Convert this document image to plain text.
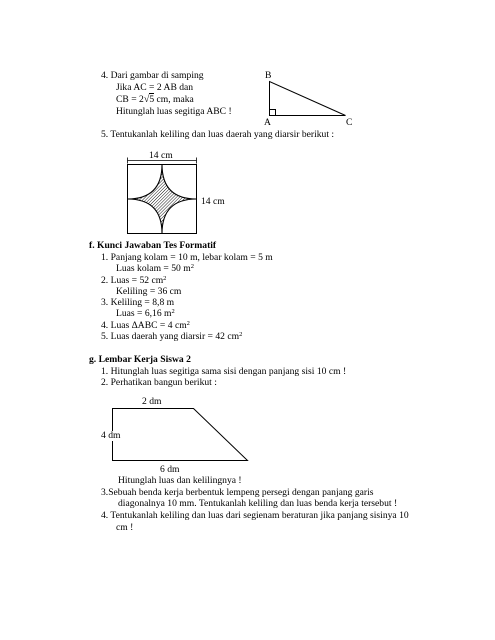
4. Dari gambar di samping
Jika AC = 2 AB dan
CB = 2√5 cm, maka
Hitunglah luas segitiga ABC !
B
A	C
5. Tentukanlah keliling dan luas daerah yang diarsir berikut :
14 cm
14 cm
f. Kunci Jawaban Tes Formatif
1. Panjang kolam = 10 m, lebar kolam = 5 m
Luas kolam = 50 $m^2$
2. Luas = 52 $cm^2$
Keliling = 36 cm
3. Keliling = 8,8 m
Luas = 6,16 $m^2$
4. Luas ΔABC = 4 $cm^2$
5. Luas daerah yang diarsir = 42 $cm^2$
g. Lembar Kerja Siswa 2
1. Hitunglah luas segitiga sama sisi dengan panjang sisi 10 cm !
2. Perhatikan bangun berikut :
2 dm
4 dm
6 dm
Hitunglah luas dan kelilingnya !
3.Sebuah benda kerja berbentuk lempeng persegi dengan panjang garis
diagonalnya 10 mm. Tentukanlah keliling dan luas benda kerja tersebut !
4. Tentukanlah keliling dan luas dari segienam beraturan jika panjang sisinya 10
cm !
